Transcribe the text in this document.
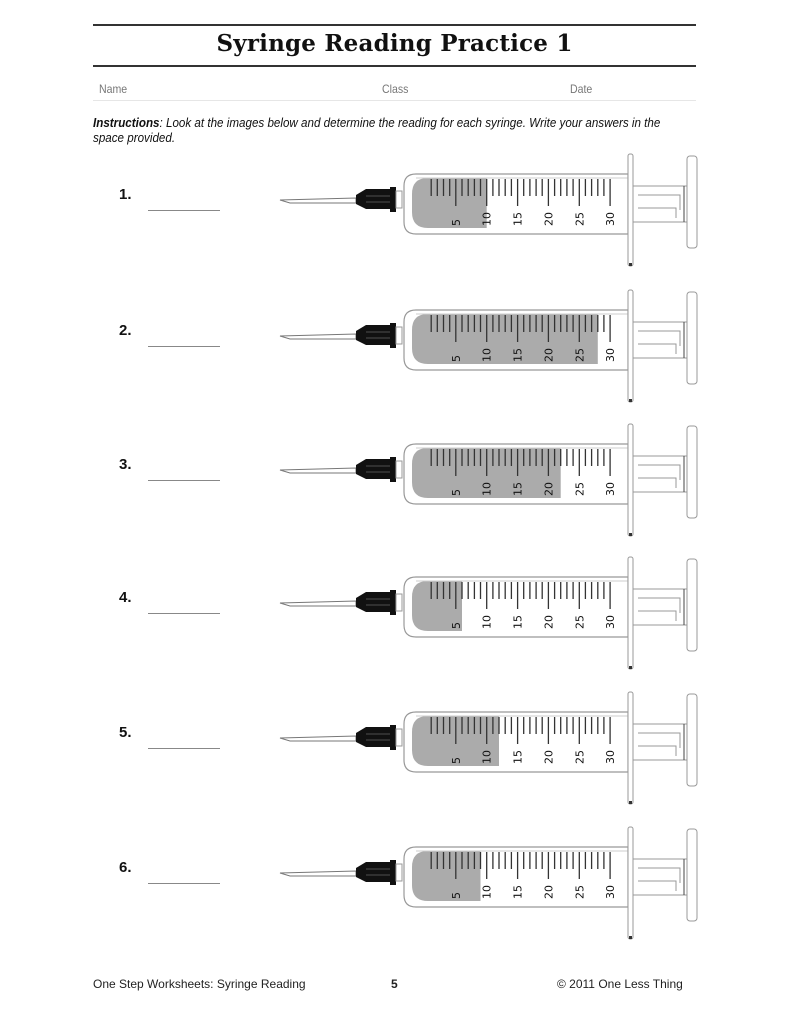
Syringe Reading Practice 1
Name	Class	Date
Instructions: Look at the images below and determine the reading for each syringe. Write your answers in the space provided.
1.
5 10 15 20 25 30
2.
5 10 15 20 25 30
3.
5 10 15 20 25 30
4.
5 10 15 20 25 30
5.
5 10 15 20 25 30
6.
5 10 15 20 25 30
One Step Worksheets: Syringe Reading	5	© 2011 One Less Thing
